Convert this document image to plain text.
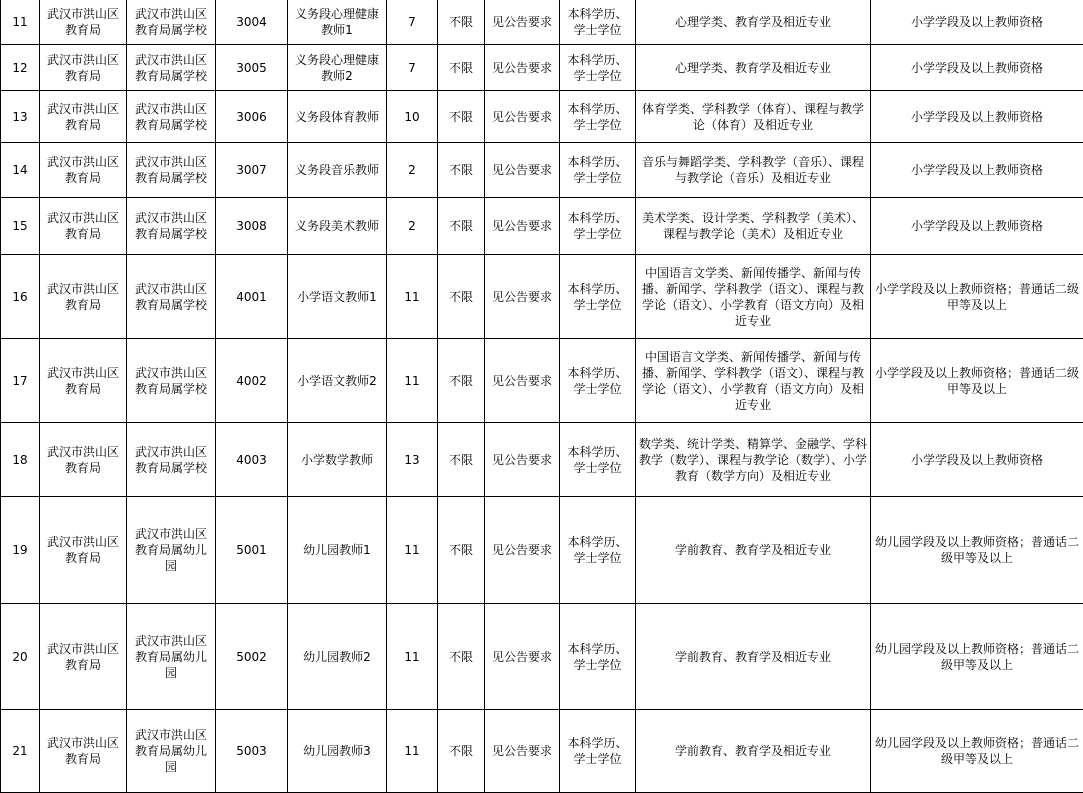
11	武汉市洪山区教育局	武汉市洪山区教育局属学校	3004	义务段心理健康教师1	7	不限	见公告要求	本科学历、学士学位	心理学类、教育学及相近专业	小学学段及以上教师资格
12	武汉市洪山区教育局	武汉市洪山区教育局属学校	3005	义务段心理健康教师2	7	不限	见公告要求	本科学历、学士学位	心理学类、教育学及相近专业	小学学段及以上教师资格
13	武汉市洪山区教育局	武汉市洪山区教育局属学校	3006	义务段体育教师	10	不限	见公告要求	本科学历、学士学位	体育学类、学科教学（体育）、课程与教学论（体育）及相近专业	小学学段及以上教师资格
14	武汉市洪山区教育局	武汉市洪山区教育局属学校	3007	义务段音乐教师	2	不限	见公告要求	本科学历、学士学位	音乐与舞蹈学类、学科教学（音乐）、课程与教学论（音乐）及相近专业	小学学段及以上教师资格
15	武汉市洪山区教育局	武汉市洪山区教育局属学校	3008	义务段美术教师	2	不限	见公告要求	本科学历、学士学位	美术学类、设计学类、学科教学（美术）、课程与教学论（美术）及相近专业	小学学段及以上教师资格
16	武汉市洪山区教育局	武汉市洪山区教育局属学校	4001	小学语文教师1	11	不限	见公告要求	本科学历、学士学位	中国语言文学类、新闻传播学、新闻与传播、新闻学、学科教学（语文）、课程与教学论（语文）、小学教育（语文方向）及相近专业	小学学段及以上教师资格；普通话二级甲等及以上
17	武汉市洪山区教育局	武汉市洪山区教育局属学校	4002	小学语文教师2	11	不限	见公告要求	本科学历、学士学位	中国语言文学类、新闻传播学、新闻与传播、新闻学、学科教学（语文）、课程与教学论（语文）、小学教育（语文方向）及相近专业	小学学段及以上教师资格；普通话二级甲等及以上
18	武汉市洪山区教育局	武汉市洪山区教育局属学校	4003	小学数学教师	13	不限	见公告要求	本科学历、学士学位	数学类、统计学类、精算学、金融学、学科教学（数学）、课程与教学论（数学）、小学教育（数学方向）及相近专业	小学学段及以上教师资格
19	武汉市洪山区教育局	武汉市洪山区教育局属幼儿园	5001	幼儿园教师1	11	不限	见公告要求	本科学历、学士学位	学前教育、教育学及相近专业	幼儿园学段及以上教师资格；普通话二级甲等及以上
20	武汉市洪山区教育局	武汉市洪山区教育局属幼儿园	5002	幼儿园教师2	11	不限	见公告要求	本科学历、学士学位	学前教育、教育学及相近专业	幼儿园学段及以上教师资格；普通话二级甲等及以上
21	武汉市洪山区教育局	武汉市洪山区教育局属幼儿园	5003	幼儿园教师3	11	不限	见公告要求	本科学历、学士学位	学前教育、教育学及相近专业	幼儿园学段及以上教师资格；普通话二级甲等及以上
